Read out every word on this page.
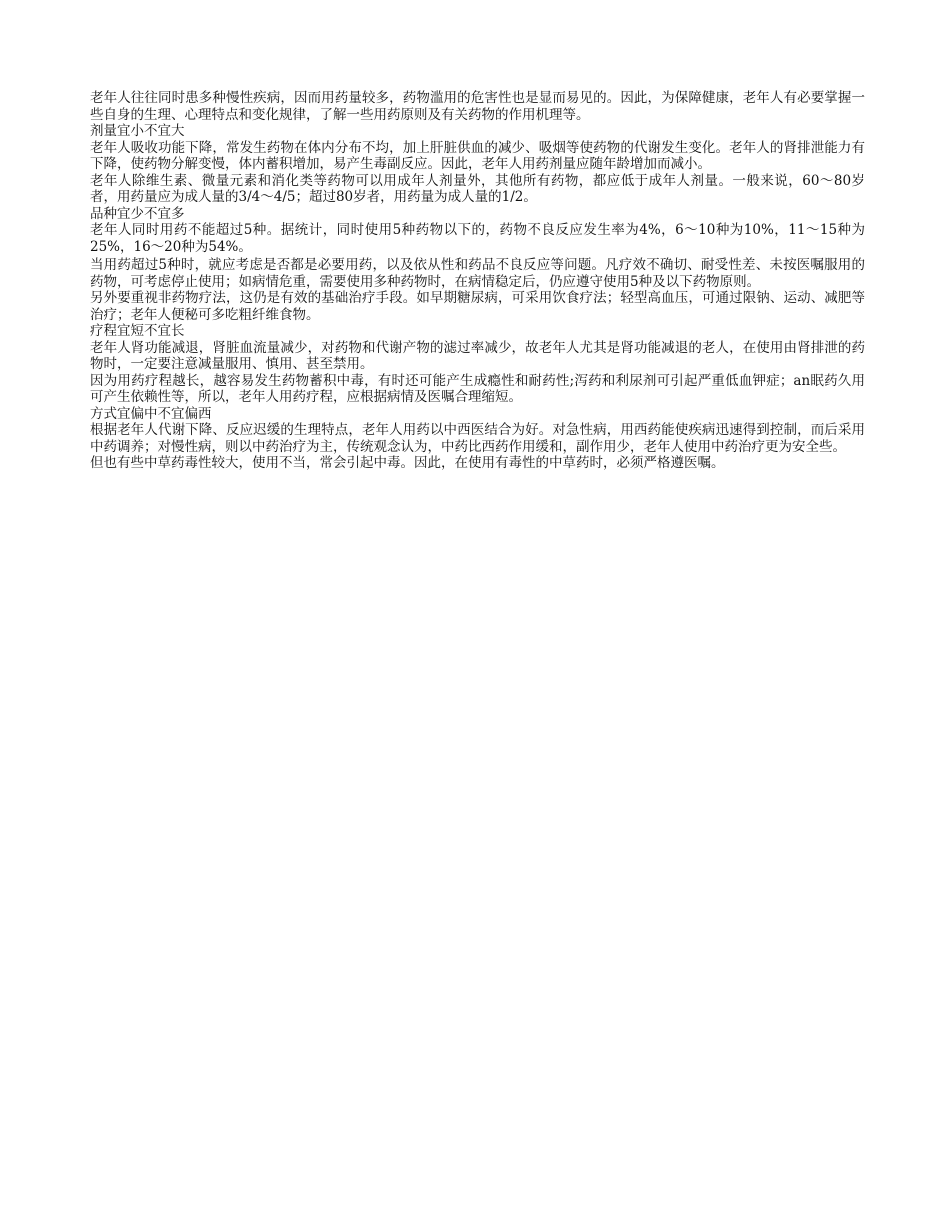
老年人往往同时患多种慢性疾病，因而用药量较多，药物滥用的危害性也是显而易见的。因此，为保障健康，老年人有必要掌握一些自身的生理、心理特点和变化规律，了解一些用药原则及有关药物的作用机理等。

剂量宜小不宜大

老年人吸收功能下降，常发生药物在体内分布不均，加上肝脏供血的减少、吸烟等使药物的代谢发生变化。老年人的肾排泄能力有下降，使药物分解变慢，体内蓄积增加，易产生毒副反应。因此，老年人用药剂量应随年龄增加而减小。

老年人除维生素、微量元素和消化类等药物可以用成年人剂量外，其他所有药物，都应低于成年人剂量。一般来说，60～80岁者，用药量应为成人量的3/4～4/5；超过80岁者，用药量为成人量的1/2。

品种宜少不宜多

老年人同时用药不能超过5种。据统计，同时使用5种药物以下的，药物不良反应发生率为4%，6～10种为10%，11～15种为25%，16～20种为54%。

当用药超过5种时，就应考虑是否都是必要用药，以及依从性和药品不良反应等问题。凡疗效不确切、耐受性差、未按医嘱服用的药物，可考虑停止使用；如病情危重，需要使用多种药物时，在病情稳定后，仍应遵守使用5种及以下药物原则。

另外要重视非药物疗法，这仍是有效的基础治疗手段。如早期糖尿病，可采用饮食疗法；轻型高血压，可通过限钠、运动、减肥等治疗；老年人便秘可多吃粗纤维食物。

疗程宜短不宜长

老年人肾功能减退，肾脏血流量减少，对药物和代谢产物的滤过率减少，故老年人尤其是肾功能减退的老人，在使用由肾排泄的药物时，一定要注意减量服用、慎用、甚至禁用。

因为用药疗程越长，越容易发生药物蓄积中毒，有时还可能产生成瘾性和耐药性;泻药和利尿剂可引起严重低血钾症；an眠药久用可产生依赖性等，所以，老年人用药疗程，应根据病情及医嘱合理缩短。

方式宜偏中不宜偏西

根据老年人代谢下降、反应迟缓的生理特点，老年人用药以中西医结合为好。对急性病，用西药能使疾病迅速得到控制，而后采用中药调养；对慢性病，则以中药治疗为主，传统观念认为，中药比西药作用缓和，副作用少，老年人使用中药治疗更为安全些。

但也有些中草药毒性较大，使用不当，常会引起中毒。因此，在使用有毒性的中草药时，必须严格遵医嘱。
